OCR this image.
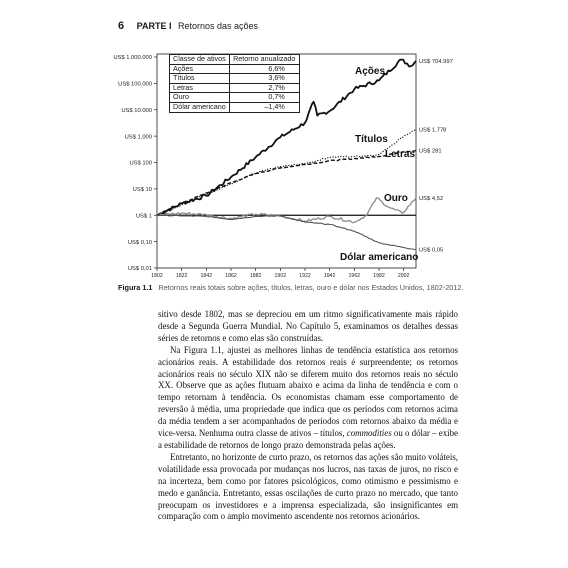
6 PARTE I Retornos das ações
US$ 1.000.000
US$ 100.000
US$ 10.000
US$ 1.000
US$ 100
US$ 10
US$ 1
US$ 0,10
US$ 0,01
1802	1822	1842	1862	1882	1902	1922	1942	1962	1982	2002
US$ 704.997
Ações
US$ 1.778
Títulos
US$ 281
Letras
US$ 4,52
Ouro
US$ 0,05
Dólar americano
Classe de ativos	Retorno anualizado
Ações	6,6%
Títulos	3,6%
Letras	2,7%
Ouro	0,7%
Dólar americano	–1,4%
Figura 1.1 Retornos reais totais sobre ações, títulos, letras, ouro e dólar nos Estados Unidos, 1802-2012.

sitivo desde 1802, mas se depreciou em um ritmo significativamente mais rápido desde a Segunda Guerra Mundial. No Capítulo 5, examinamos os detalhes dessas séries de retornos e como elas são construídas.

Na Figura 1.1, ajustei as melhores linhas de tendência estatística aos retornos acionários reais. A estabilidade dos retornos reais é surpreendente; os retornos acionários reais no século XIX não se diferem muito dos retornos reais no século XX. Observe que as ações flutuam abaixo e acima da linha de tendência e com o tempo retornam à tendência. Os economistas chamam esse comportamento de reversão à média, uma propriedade que indica que os períodos com retornos acima da média tendem a ser acompanhados de períodos com retornos abaixo da média e vice-versa. Nenhuma outra classe de ativos – títulos, commodities ou o dólar – exibe a estabilidade de retornos de longo prazo demonstrada pelas ações.

Entretanto, no horizonte de curto prazo, os retornos das ações são muito voláteis, volatilidade essa provocada por mudanças nos lucros, nas taxas de juros, no risco e na incerteza, bem como por fatores psicológicos, como otimismo e pessimismo e medo e ganância. Entretanto, essas oscilações de curto prazo no mercado, que tanto preocupam os investidores e a imprensa especializada, são insignificantes em comparação com o amplo movimento ascendente nos retornos acionários.
